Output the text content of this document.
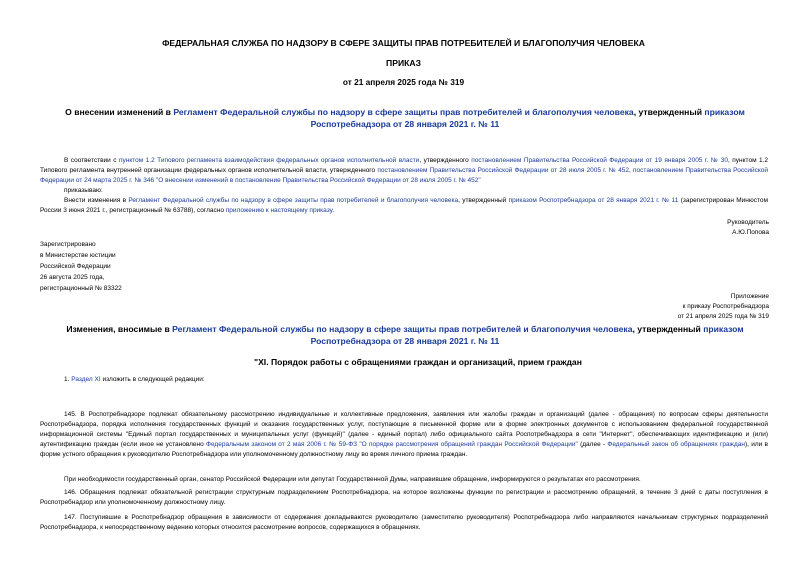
ФЕДЕРАЛЬНАЯ СЛУЖБА ПО НАДЗОРУ В СФЕРЕ ЗАЩИТЫ ПРАВ ПОТРЕБИТЕЛЕЙ И БЛАГОПОЛУЧИЯ ЧЕЛОВЕКА
ПРИКАЗ
от 21 апреля 2025 года № 319
О внесении изменений в Регламент Федеральной службы по надзору в сфере защиты прав потребителей и благополучия человека, утвержденный приказом Роспотребнадзора от 28 января 2021 г. № 11
В соответствии с пунктом 1.2 Типового регламента взаимодействия федеральных органов исполнительной власти, утвержденного постановлением Правительства Российской Федерации от 19 января 2005 г. № 30, пунктом 1.2 Типового регламента внутренней организации федеральных органов исполнительной власти, утвержденного постановлением Правительства Российской Федерации от 28 июля 2005 г. № 452, постановлением Правительства Российской Федерации от 24 марта 2025 г. № 346 "О внесении изменений в постановление Правительства Российской Федерации от 28 июля 2005 г. № 452"
приказываю:
Внести изменения в Регламент Федеральной службы по надзору в сфере защиты прав потребителей и благополучия человека, утвержденный приказом Роспотребнадзора от 28 января 2021 г. № 11 (зарегистрирован Минюстом России 3 июня 2021 г., регистрационный № 63788), согласно приложению к настоящему приказу.
Руководитель
А.Ю.Попова
Зарегистрировано
в Министерстве юстиции
Российской Федерации
26 августа 2025 года,
регистрационный № 83322
Приложение
к приказу Роспотребнадзора
от 21 апреля 2025 года № 319
Изменения, вносимые в Регламент Федеральной службы по надзору в сфере защиты прав потребителей и благополучия человека, утвержденный приказом Роспотребнадзора от 28 января 2021 г. № 11
1. Раздел XI изложить в следующей редакции:
"XI. Порядок работы с обращениями граждан и организаций, прием граждан
145. В Роспотребнадзоре подлежат обязательному рассмотрению индивидуальные и коллективные предложения, заявления или жалобы граждан и организаций (далее - обращения) по вопросам сферы деятельности Роспотребнадзора, порядка исполнения государственных функций и оказания государственных услуг, поступающие в письменной форме или в форме электронных документов с использованием федеральной государственной информационной системы "Единый портал государственных и муниципальных услуг (функций)" (далее - единый портал) либо официального сайта Роспотребнадзора в сети "Интернет", обеспечивающих идентификацию и (или) аутентификацию граждан (если иное не установлено Федеральным законом от 2 мая 2006 г. № 59-ФЗ "О порядке рассмотрения обращений граждан Российской Федерации" (далее - Федеральный закон об обращениях граждан), или в форме устного обращения к руководителю Роспотребнадзора или уполномоченному должностному лицу во время личного приема граждан.
При необходимости государственный орган, сенатор Российской Федерации или депутат Государственной Думы, направившие обращение, информируются о результатах его рассмотрения.
146. Обращения подлежат обязательной регистрации структурным подразделением Роспотребнадзора, на которое возложены функции по регистрации и рассмотрению обращений, в течение 3 дней с даты поступления в Роспотребнадзор или уполномоченному должностному лицу.
147. Поступившие в Роспотребнадзор обращения в зависимости от содержания докладываются руководителю (заместителю руководителя) Роспотребнадзора либо направляются начальникам структурных подразделений Роспотребнадзора, к непосредственному ведению которых относится рассмотрение вопросов, содержащихся в обращениях.
